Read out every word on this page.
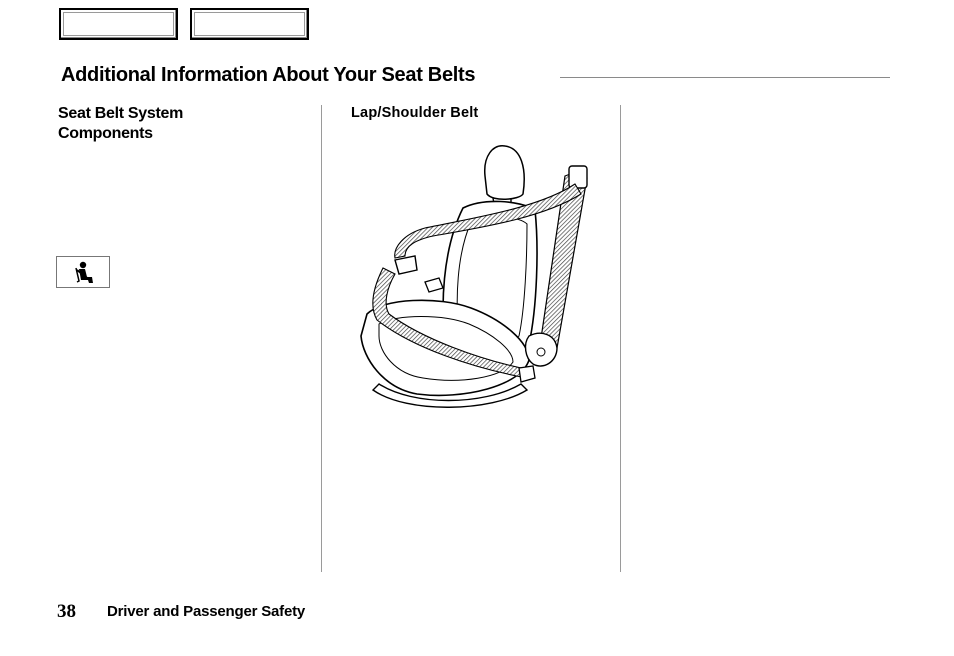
Additional Information About Your Seat Belts
Seat Belt System
Components
Lap/Shoulder Belt
38 Driver and Passenger Safety
